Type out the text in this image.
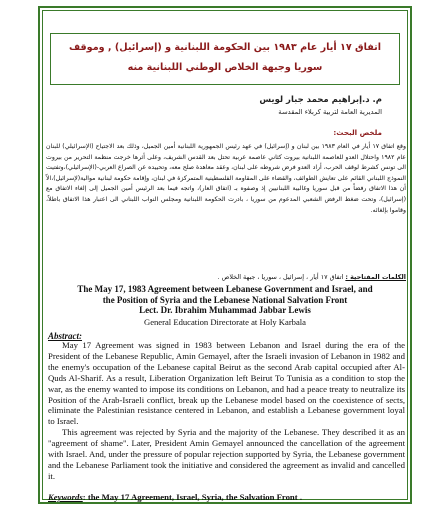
اتفاق ١٧ أيار عام ١٩٨٣ بين الحكومة اللبنانية و (إسرائيل) , وموقف سوريا وجبهة الخلاص الوطني اللبنانية منه
م. د.إبراهيم محمد جبار لويس
المديرية العامة لتربية كربلاء المقدسة
ملخص البحث:
وقع اتفاق ١٧ أيار في العام ١٩٨٣ بين لبنان و (إسرائيل) في عهد رئيس الجمهورية اللبنانية أمين الجميل، وذلك بعد الاجتياح (الإسرائيلي) للبنان عام ١٩٨٢ واحتلال العدو للعاصمة اللبنانية بيروت كثاني عاصمة عربية تحتل بعد القدس الشريف، وعلى أثرها خرجت منظمة التحرير من بيروت الى تونس كشرط لوقف الحرب، أراد العدو فرض شروطه على لبنان، وعقد معاهدة صلح معه، وتحييده عن الصراع العربي-(الإسرائيلي)،وتفتيت النموذج اللبناني القائم على تعايش الطوائف، والقضاء على المقاومة الفلسطينية المتمركزة في لبنان، وإقامة حكومة لبنانية موالية(لإسرائيل)،الاّ أن هذا الاتفاق رفضاً من قبل سوريا وغالبية اللبنانيين إذ وصفوه بـ (اتفاق العار)، واتجه فيما بعد الرئيس أمين الجميل إلى إلغاء الاتفاق مع (إسرائيل)، وتحت ضغط الرفض الشعبي المدعوم من سوريا ، بادرت الحكومة اللبنانية ومجلس النواب اللبناني الى اعتبار هذا الاتفاق باطلاً، وقاموا بإلغائه.
الكلمات المفتاحية : اتفاق ١٧ أيار ، إسرائيل ، سوريا ، جبهة الخلاص .
The May 17, 1983 Agreement between Lebanese Government and Israel, and
the Position of Syria and the Lebanese National Salvation Front
Lect. Dr. Ibrahim Muhammad Jabbar Lewis
General Education Directorate at Holy Karbala
Abstract:

May 17 Agreement was signed in 1983 between Lebanon and Israel during the era of the President of the Lebanese Republic, Amin Gemayel, after the Israeli invasion of Lebanon in 1982 and the enemy's occupation of the Lebanese capital Beirut as the second Arab capital occupied after Al-Quds Al-Sharif. As a result, Liberation Organization left Beirut To Tunisia as a condition to stop the war, as the enemy wanted to impose its conditions on Lebanon, and had a peace treaty to neutralize its Position of the Arab-Israeli conflict, break up the Lebanese model based on the coexistence of sects, eliminate the Palestinian resistance centered in Lebanon, and establish a Lebanese government loyal to Israel.

This agreement was rejected by Syria and the majority of the Lebanese. They described it as an "agreement of shame". Later, President Amin Gemayel announced the cancellation of the agreement with Israel. And, under the pressure of popular rejection supported by Syria, the Lebanese government and the Lebanese Parliament took the initiative and considered the agreement as invalid and cancelled it.

Keywords: the May 17 Agreement, Israel, Syria, the Salvation Front .
